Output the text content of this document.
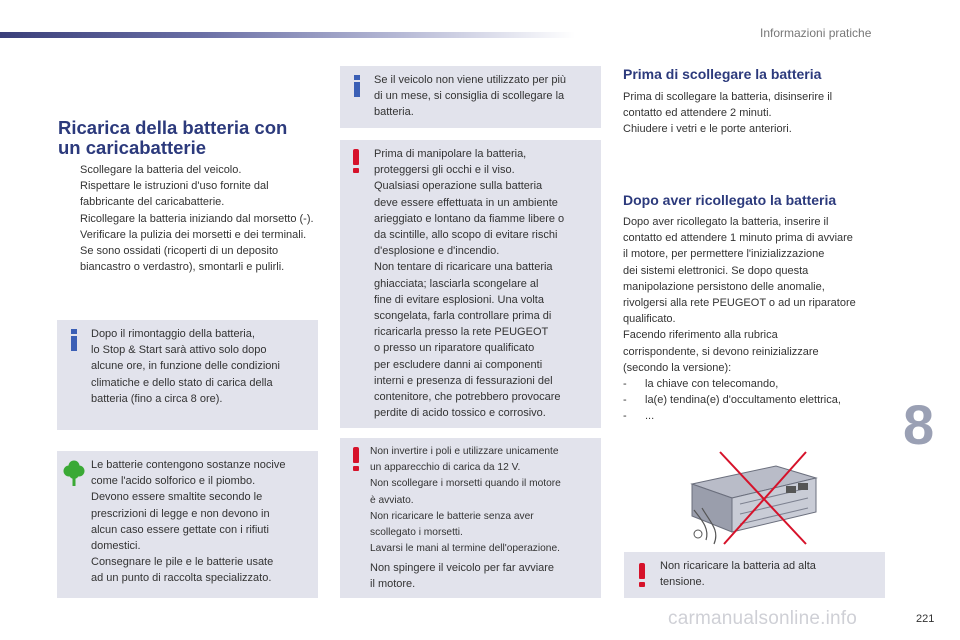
Informazioni pratiche
Ricarica della batteria con
un caricabatterie
Scollegare la batteria del veicolo.
Rispettare le istruzioni d'uso fornite dal fabbricante del caricabatterie.
Ricollegare la batteria iniziando dal morsetto (-).
Verificare la pulizia dei morsetti e dei terminali. Se sono ossidati (ricoperti di un deposito biancastro o verdastro), smontarli e pulirli.
Dopo il rimontaggio della batteria,
lo Stop & Start sarà attivo solo dopo
alcune ore, in funzione delle condizioni
climatiche e dello stato di carica della
batteria (fino a circa 8 ore).
Le batterie contengono sostanze nocive
come l'acido solforico e il piombo.
Devono essere smaltite secondo le
prescrizioni di legge e non devono in
alcun caso essere gettate con i rifiuti
domestici.
Consegnare le pile e le batterie usate
ad un punto di raccolta specializzato.
Se il veicolo non viene utilizzato per più
di un mese, si consiglia di scollegare la
batteria.
Prima di manipolare la batteria,
proteggersi gli occhi e il viso.
Qualsiasi operazione sulla batteria
deve essere effettuata in un ambiente
arieggiato e lontano da fiamme libere o
da scintille, allo scopo di evitare rischi
d'esplosione e d'incendio.
Non tentare di ricaricare una batteria
ghiacciata; lasciarla scongelare al
fine di evitare esplosioni. Una volta
scongelata, farla controllare prima di
ricaricarla presso la rete PEUGEOT
o presso un riparatore qualificato
per escludere danni ai componenti
interni e presenza di fessurazioni del
contenitore, che potrebbero provocare
perdite di acido tossico e corrosivo.
Non invertire i poli e utilizzare unicamente
un apparecchio di carica da 12 V.
Non scollegare i morsetti quando il motore
è avviato.
Non ricaricare le batterie senza aver
scollegato i morsetti.
Lavarsi le mani al termine dell'operazione.
Non spingere il veicolo per far avviare
il motore.
Prima di scollegare la batteria
Prima di scollegare la batteria, disinserire il
contatto ed attendere 2 minuti.
Chiudere i vetri e le porte anteriori.
Dopo aver ricollegato la batteria
Dopo aver ricollegato la batteria, inserire il
contatto ed attendere 1 minuto prima di avviare
il motore, per permettere l'inizializzazione
dei sistemi elettronici. Se dopo questa
manipolazione persistono delle anomalie,
rivolgersi alla rete PEUGEOT o ad un riparatore
qualificato.
Facendo riferimento alla rubrica
corrispondente, si devono reinizializzare
(secondo la versione):
- la chiave con telecomando,
- la(e) tendina(e) d'occultamento elettrica,
- ...
Non ricaricare la batteria ad alta
tensione.
8
carmanualsonline.info	221
